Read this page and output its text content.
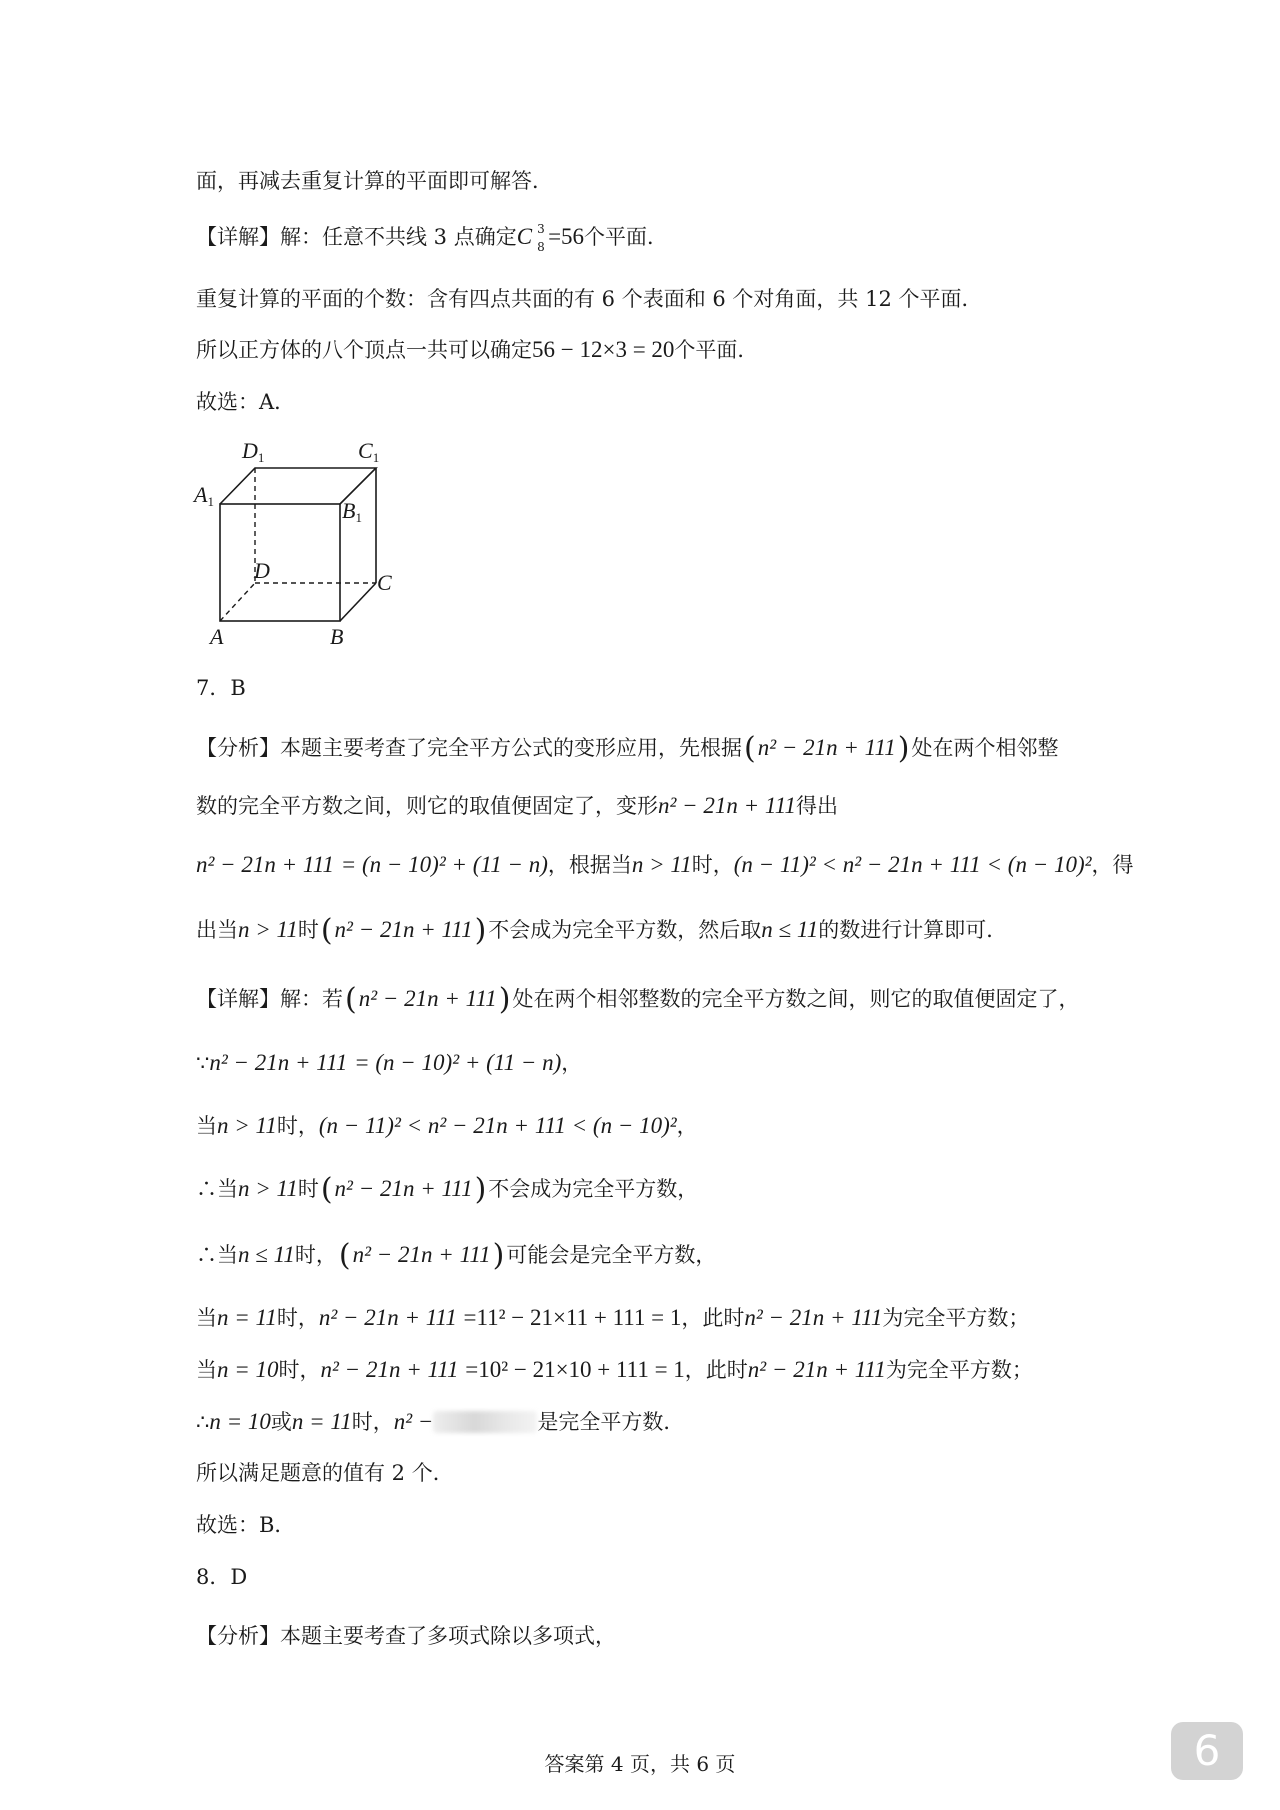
面，再减去重复计算的平面即可解答．
【详解】解：任意不共线 3 点确定C 3
8 =56个平面．
重复计算的平面的个数：含有四点共面的有 6 个表面和 6 个对角面，共 12 个平面．
所以正方体的八个顶点一共可以确定56 − 12×3 = 20个平面．
故选：A．
D1	C1
A1	B1
D	C
A	B
7．B
【分析】本题主要考查了完全平方公式的变形应用，先根据(n² − 21n + 111)处在两个相邻整
数的完全平方数之间，则它的取值便固定了，变形n² − 21n + 111得出
n² − 21n + 111 = (n − 10)² + (11 − n)，根据当n > 11时，(n − 11)² < n² − 21n + 111 < (n − 10)²，得
出当n > 11时(n² − 21n + 111)不会成为完全平方数，然后取n ≤ 11的数进行计算即可．
【详解】解：若(n² − 21n + 111)处在两个相邻整数的完全平方数之间，则它的取值便固定了，
∵n² − 21n + 111 = (n − 10)² + (11 − n)，
当n > 11时，(n − 11)² < n² − 21n + 111 < (n − 10)²，
∴当n > 11时(n² − 21n + 111)不会成为完全平方数，
∴当n ≤ 11时，(n² − 21n + 111)可能会是完全平方数，
当n = 11时，n² − 21n + 111 =11² − 21×11 + 111 = 1，此时n² − 21n + 111为完全平方数；
当n = 10时，n² − 21n + 111 =10² − 21×10 + 111 = 1，此时n² − 21n + 111为完全平方数；
∴n = 10或n = 11时，n² −	是完全平方数．
所以满足题意的值有 2 个．
故选：B．
8．D
【分析】本题主要考查了多项式除以多项式，
答案第 4 页，共 6 页	6
